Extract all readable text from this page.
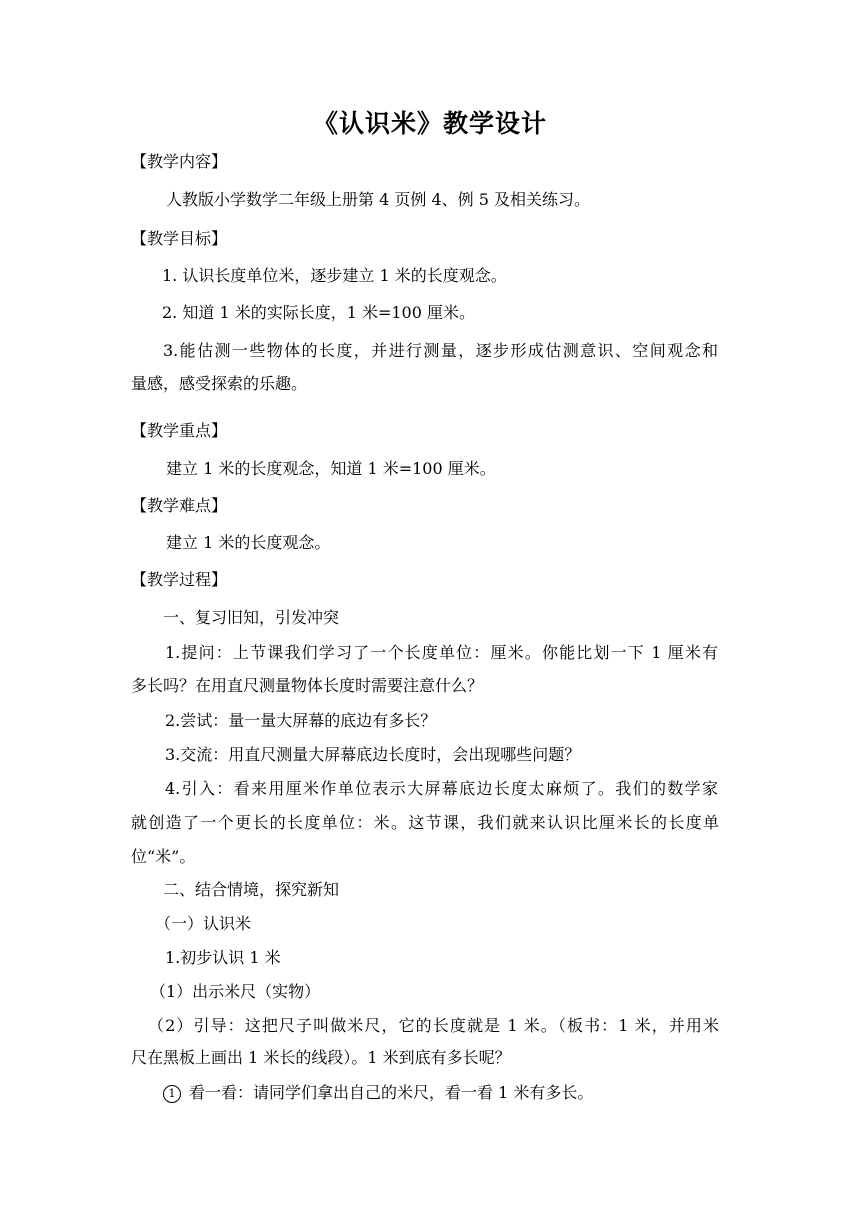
《认识米》教学设计
【教学内容】
人教版小学数学二年级上册第 4 页例 4、例 5 及相关练习。
【教学目标】
1. 认识长度单位米，逐步建立 1 米的长度观念。
2. 知道 1 米的实际长度，1 米=100 厘米。
3.能估测一些物体的长度，并进行测量，逐步形成估测意识、空间观念和
量感，感受探索的乐趣。
【教学重点】
建立 1 米的长度观念，知道 1 米=100 厘米。
【教学难点】
建立 1 米的长度观念。
【教学过程】
一、复习旧知，引发冲突
1.提问：上节课我们学习了一个长度单位：厘米。你能比划一下 1 厘米有
多长吗？在用直尺测量物体长度时需要注意什么？
2.尝试：量一量大屏幕的底边有多长？
3.交流：用直尺测量大屏幕底边长度时，会出现哪些问题？
4.引入：看来用厘米作单位表示大屏幕底边长度太麻烦了。我们的数学家
就创造了一个更长的长度单位：米。这节课，我们就来认识比厘米长的长度单
位“米”。
二、结合情境，探究新知
（一）认识米
1.初步认识 1 米
（1）出示米尺（实物）
（2）引导：这把尺子叫做米尺，它的长度就是 1 米。（板书：1 米，并用米
尺在黑板上画出 1 米长的线段）。1 米到底有多长呢？
1 看一看：请同学们拿出自己的米尺，看一看 1 米有多长。
